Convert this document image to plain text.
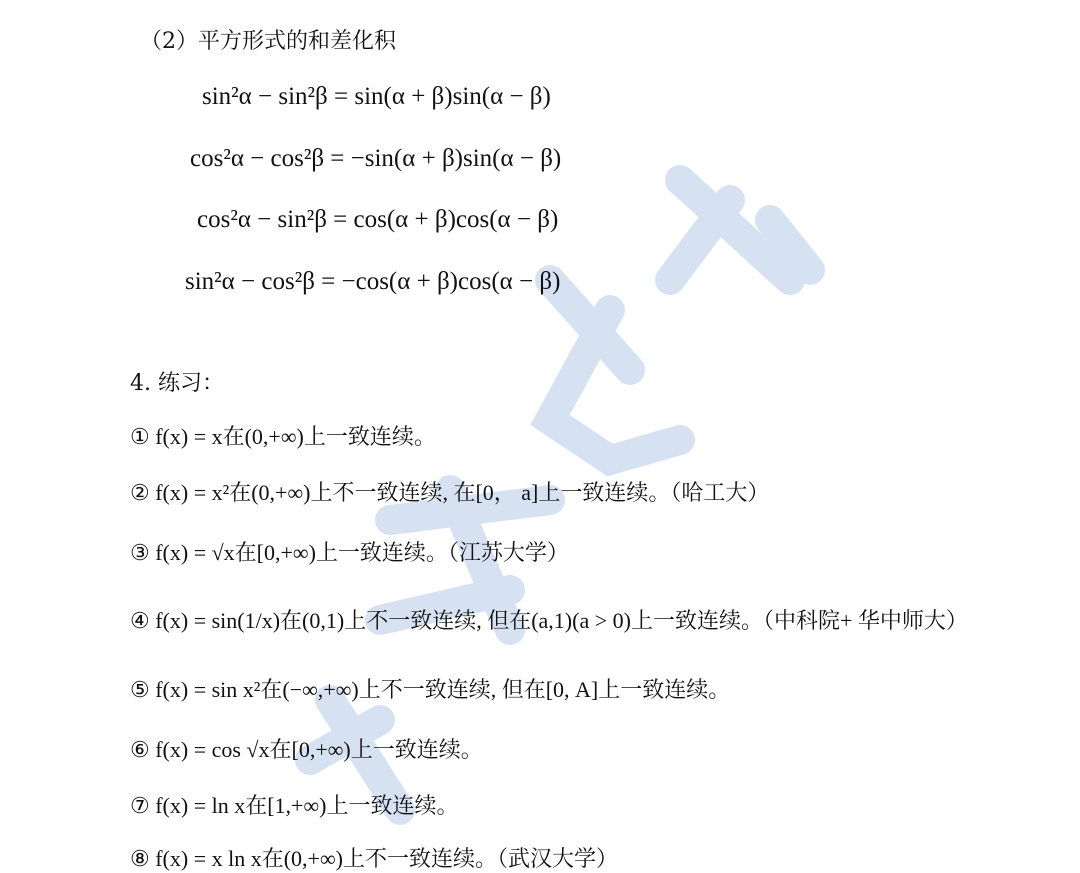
（2）平方形式的和差化积
sin²α − sin²β = sin(α + β)sin(α − β)
cos²α − cos²β = −sin(α + β)sin(α − β)
cos²α − sin²β = cos(α + β)cos(α − β)
sin²α − cos²β = −cos(α + β)cos(α − β)
4. 练习：
① f(x) = x在(0,+∞)上一致连续。
② f(x) = x²在(0,+∞)上不一致连续, 在[0， a]上一致连续。（哈工大）
③ f(x) = √x在[0,+∞)上一致连续。（江苏大学）
④ f(x) = sin(1/x)在(0,1)上不一致连续, 但在(a,1)(a > 0)上一致连续。（中科院+ 华中师大）
⑤ f(x) = sin x²在(−∞,+∞)上不一致连续, 但在[0, A]上一致连续。
⑥ f(x) = cos √x在[0,+∞)上一致连续。
⑦ f(x) = ln x在[1,+∞)上一致连续。
⑧ f(x) = x ln x在(0,+∞)上不一致连续。（武汉大学）
